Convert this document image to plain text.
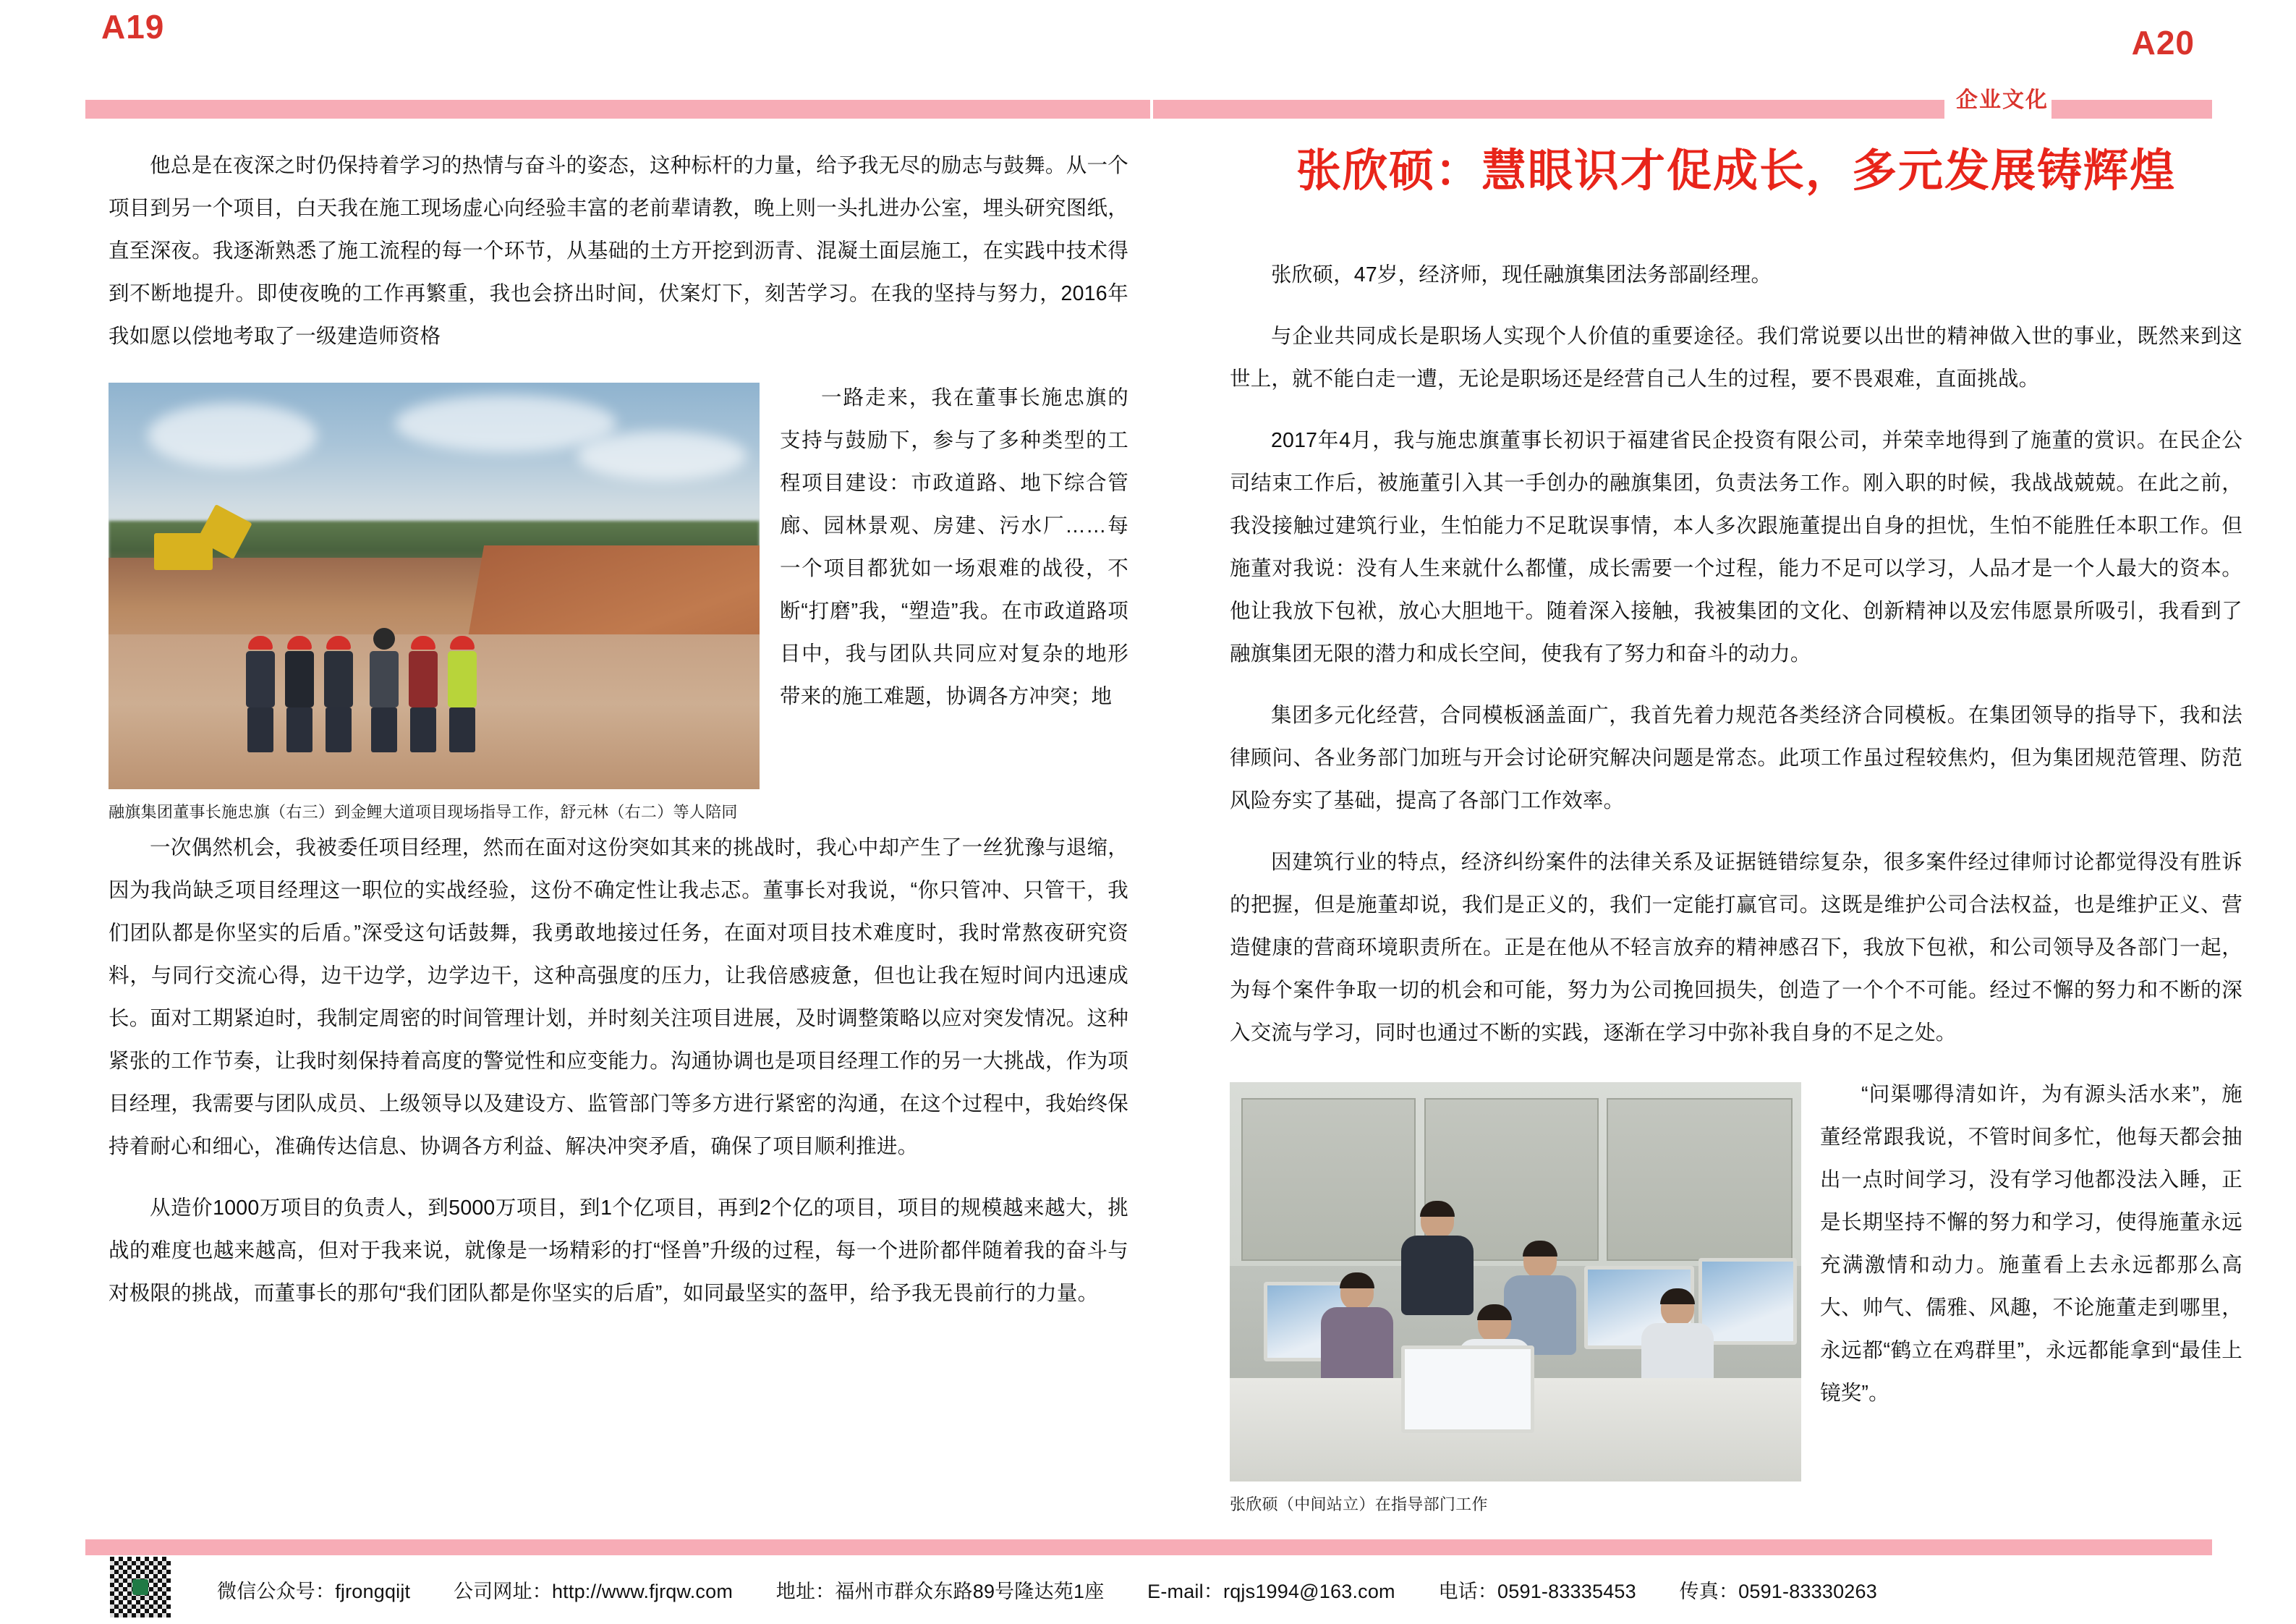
A19	A20
企业文化

他总是在夜深之时仍保持着学习的热情与奋斗的姿态，这种标杆的力量，给予我无尽的励志与鼓舞。从一个项目到另一个项目，白天我在施工现场虚心向经验丰富的老前辈请教，晚上则一头扎进办公室，埋头研究图纸，直至深夜。我逐渐熟悉了施工流程的每一个环节，从基础的土方开挖到沥青、混凝土面层施工，在实践中技术得到不断地提升。即使夜晚的工作再繁重，我也会挤出时间，伏案灯下，刻苦学习。在我的坚持与努力，2016年我如愿以偿地考取了一级建造师资格

融旗集团董事长施忠旗（右三）到金鲤大道项目现场指导工作，舒元林（右二）等人陪同

一路走来，我在董事长施忠旗的支持与鼓励下，参与了多种类型的工程项目建设：市政道路、地下综合管廊、园林景观、房建、污水厂……每一个项目都犹如一场艰难的战役，不断“打磨”我，“塑造”我。在市政道路项目中，我与团队共同应对复杂的地形带来的施工难题，协调各方冲突；地

一次偶然机会，我被委任项目经理，然而在面对这份突如其来的挑战时，我心中却产生了一丝犹豫与退缩，因为我尚缺乏项目经理这一职位的实战经验，这份不确定性让我忐忑。董事长对我说，“你只管冲、只管干，我们团队都是你坚实的后盾。”深受这句话鼓舞，我勇敢地接过任务，在面对项目技术难度时，我时常熬夜研究资料，与同行交流心得，边干边学，边学边干，这种高强度的压力，让我倍感疲惫，但也让我在短时间内迅速成长。面对工期紧迫时，我制定周密的时间管理计划，并时刻关注项目进展，及时调整策略以应对突发情况。这种紧张的工作节奏，让我时刻保持着高度的警觉性和应变能力。沟通协调也是项目经理工作的另一大挑战，作为项目经理，我需要与团队成员、上级领导以及建设方、监管部门等多方进行紧密的沟通，在这个过程中，我始终保持着耐心和细心，准确传达信息、协调各方利益、解决冲突矛盾，确保了项目顺利推进。

从造价1000万项目的负责人，到5000万项目，到1个亿项目，再到2个亿的项目，项目的规模越来越大，挑战的难度也越来越高，但对于我来说，就像是一场精彩的打“怪兽”升级的过程，每一个进阶都伴随着我的奋斗与对极限的挑战，而董事长的那句“我们团队都是你坚实的后盾”，如同最坚实的盔甲，给予我无畏前行的力量。

张欣硕：慧眼识才促成长，多元发展铸辉煌

张欣硕，47岁，经济师，现任融旗集团法务部副经理。

与企业共同成长是职场人实现个人价值的重要途径。我们常说要以出世的精神做入世的事业，既然来到这世上，就不能白走一遭，无论是职场还是经营自己人生的过程，要不畏艰难，直面挑战。

2017年4月，我与施忠旗董事长初识于福建省民企投资有限公司，并荣幸地得到了施董的赏识。在民企公司结束工作后，被施董引入其一手创办的融旗集团，负责法务工作。刚入职的时候，我战战兢兢。在此之前，我没接触过建筑行业，生怕能力不足耽误事情，本人多次跟施董提出自身的担忧，生怕不能胜任本职工作。但施董对我说：没有人生来就什么都懂，成长需要一个过程，能力不足可以学习，人品才是一个人最大的资本。他让我放下包袱，放心大胆地干。随着深入接触，我被集团的文化、创新精神以及宏伟愿景所吸引，我看到了融旗集团无限的潜力和成长空间，使我有了努力和奋斗的动力。

集团多元化经营，合同模板涵盖面广，我首先着力规范各类经济合同模板。在集团领导的指导下，我和法律顾问、各业务部门加班与开会讨论研究解决问题是常态。此项工作虽过程较焦灼，但为集团规范管理、防范风险夯实了基础，提高了各部门工作效率。

因建筑行业的特点，经济纠纷案件的法律关系及证据链错综复杂，很多案件经过律师讨论都觉得没有胜诉的把握，但是施董却说，我们是正义的，我们一定能打赢官司。这既是维护公司合法权益，也是维护正义、营造健康的营商环境职责所在。正是在他从不轻言放弃的精神感召下，我放下包袱，和公司领导及各部门一起，为每个案件争取一切的机会和可能，努力为公司挽回损失，创造了一个个不可能。经过不懈的努力和不断的深入交流与学习，同时也通过不断的实践，逐渐在学习中弥补我自身的不足之处。

张欣硕（中间站立）在指导部门工作

“问渠哪得清如许，为有源头活水来”，施董经常跟我说，不管时间多忙，他每天都会抽出一点时间学习，没有学习他都没法入睡，正是长期坚持不懈的努力和学习，使得施董永远充满激情和动力。施董看上去永远都那么高大、帅气、儒雅、风趣，不论施董走到哪里，永远都“鹤立在鸡群里”，永远都能拿到“最佳上镜奖”。

微信公众号：fjrongqijt 公司网址：http://www.fjrqw.com 地址：福州市群众东路89号隆达苑1座 E-mail：rqjs1994@163.com 电话：0591-83335453 传真：0591-83330263
